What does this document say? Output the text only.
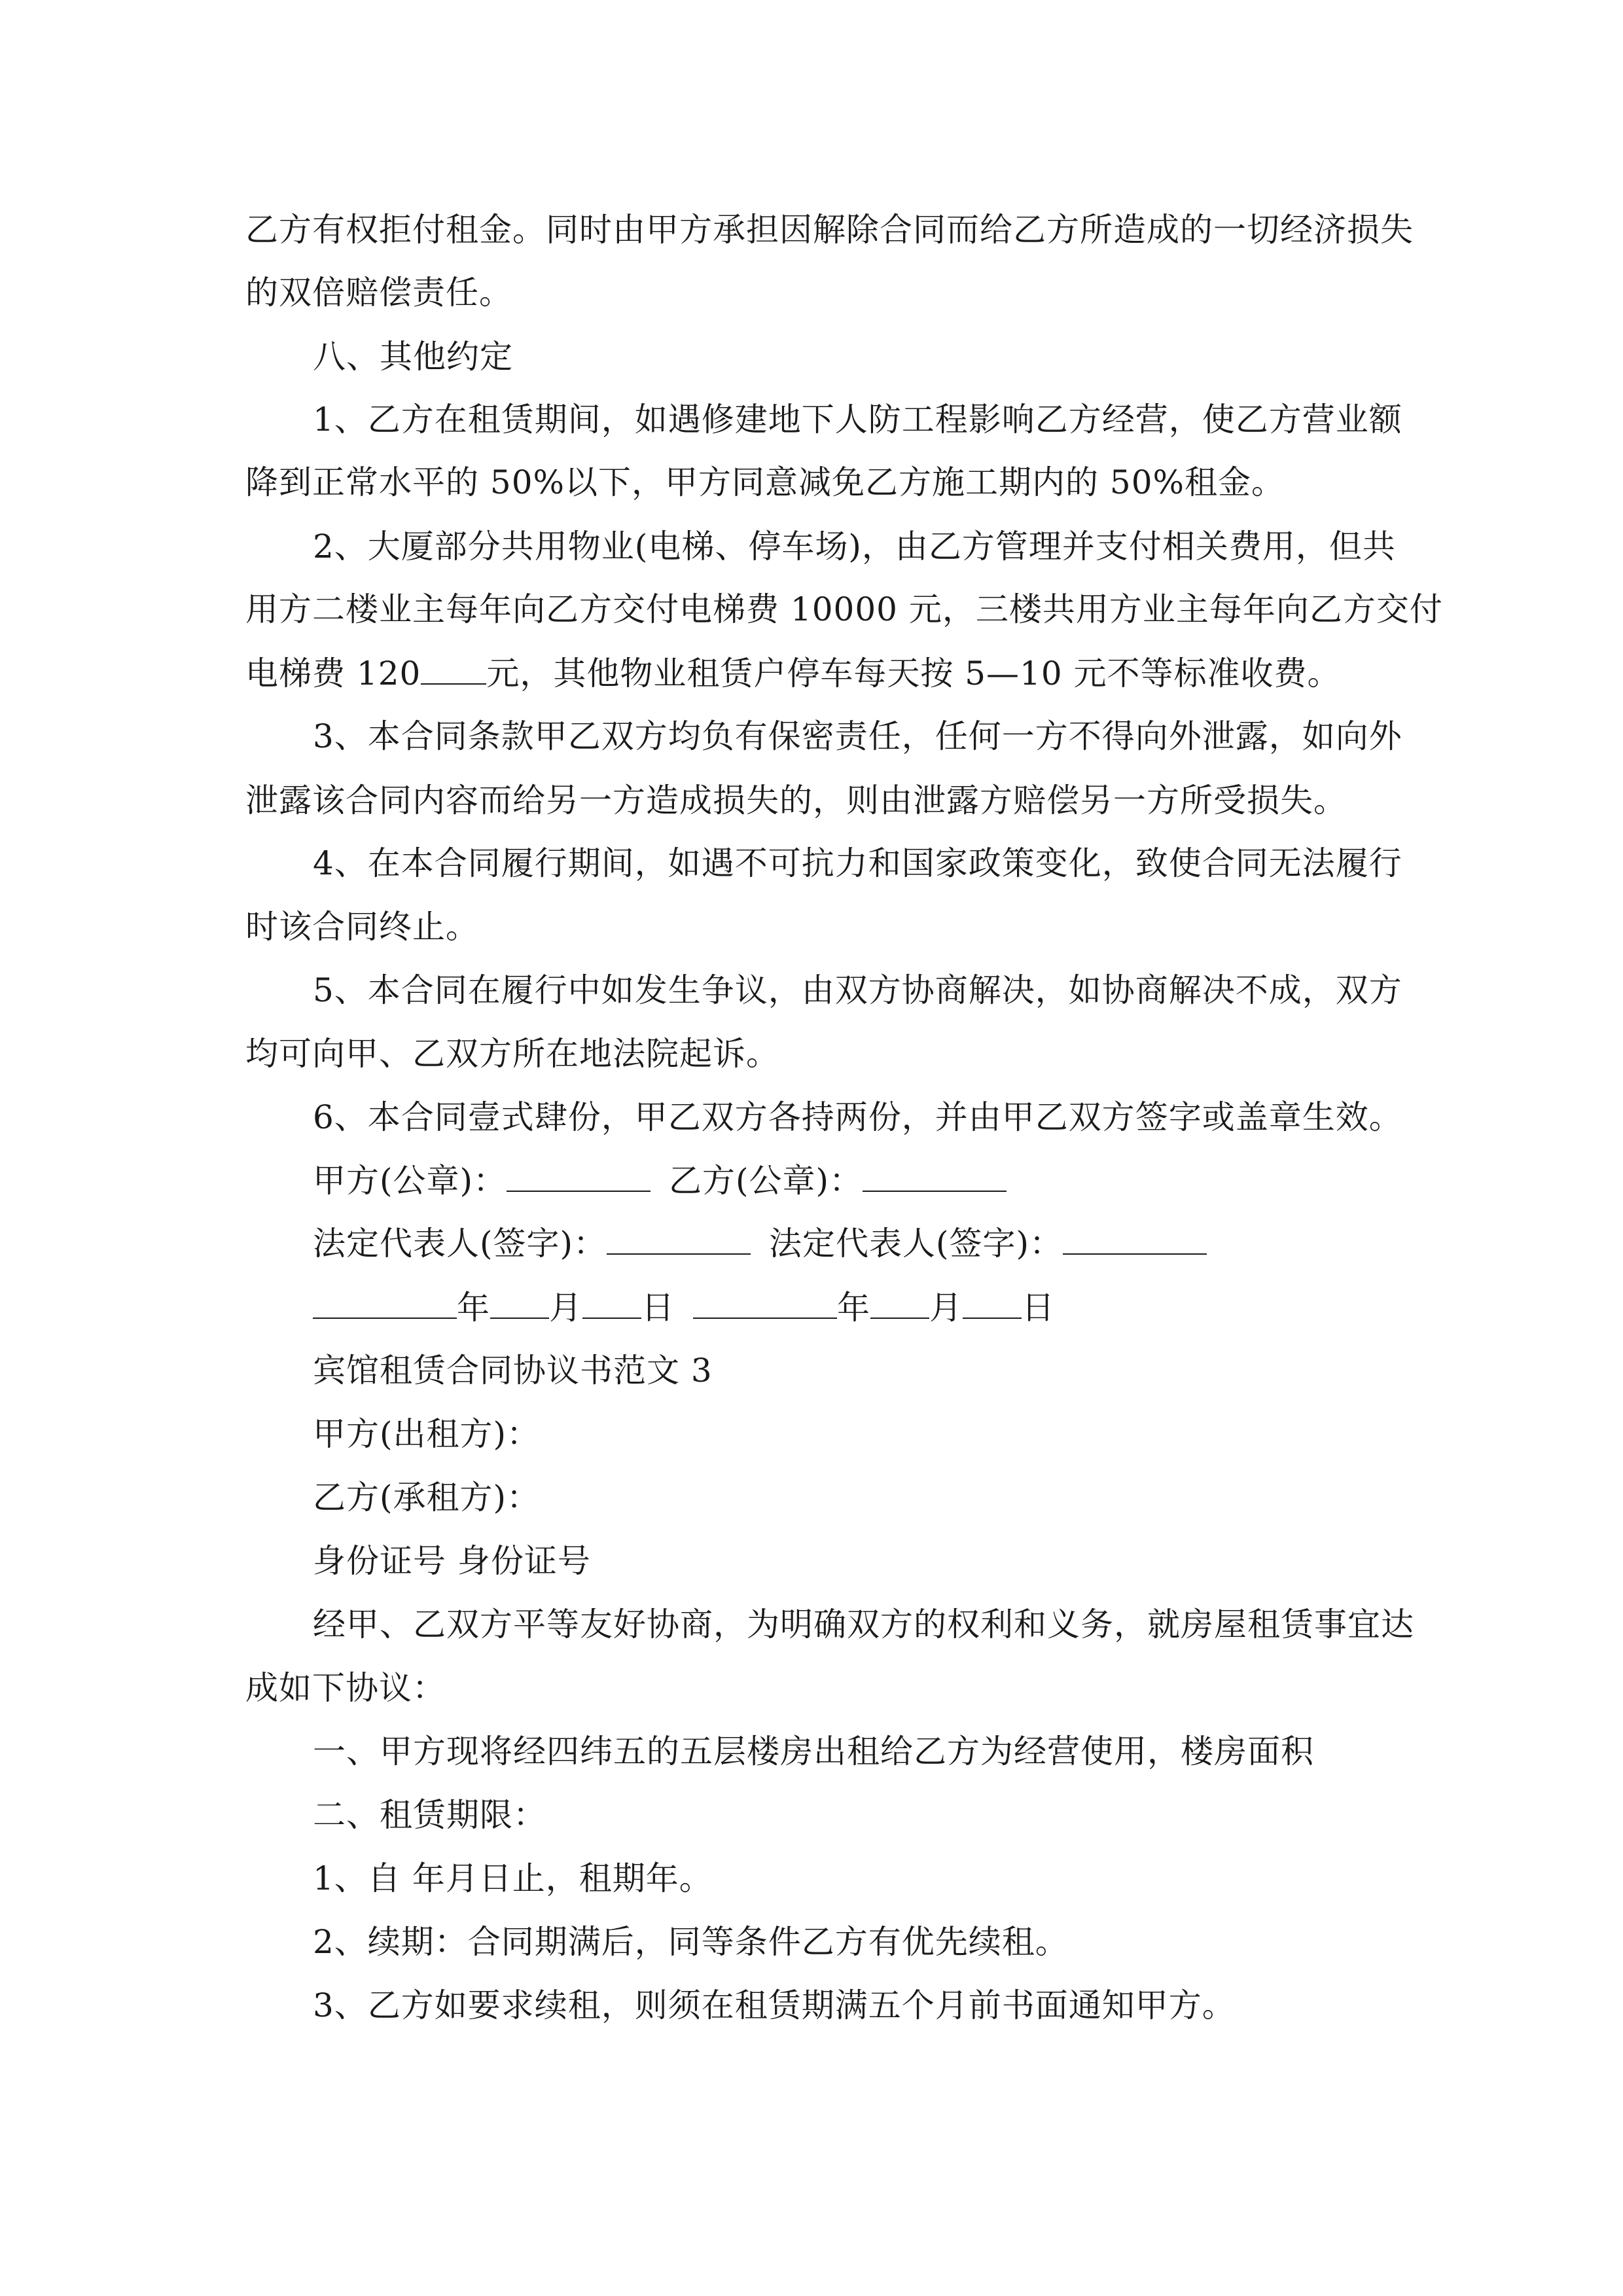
乙方有权拒付租金。同时由甲方承担因解除合同而给乙方所造成的一切经济损失
的双倍赔偿责任。
八、其他约定
1、乙方在租赁期间，如遇修建地下人防工程影响乙方经营，使乙方营业额
降到正常水平的 50%以下，甲方同意减免乙方施工期内的 50%租金。
2、大厦部分共用物业(电梯、停车场)，由乙方管理并支付相关费用，但共
用方二楼业主每年向乙方交付电梯费 10000 元，三楼共用方业主每年向乙方交付
电梯费 120 元，其他物业租赁户停车每天按 5—10 元不等标准收费。
3、本合同条款甲乙双方均负有保密责任，任何一方不得向外泄露，如向外
泄露该合同内容而给另一方造成损失的，则由泄露方赔偿另一方所受损失。
4、在本合同履行期间，如遇不可抗力和国家政策变化，致使合同无法履行
时该合同终止。
5、本合同在履行中如发生争议，由双方协商解决，如协商解决不成，双方
均可向甲、乙双方所在地法院起诉。
6、本合同壹式肆份，甲乙双方各持两份，并由甲乙双方签字或盖章生效。
甲方(公章)：	乙方(公章)：
法定代表人(签字)：	法定代表人(签字)：
年 月 日	年 月 日
宾馆租赁合同协议书范文 3
甲方(出租方)：
乙方(承租方)：
身份证号 身份证号
经甲、乙双方平等友好协商，为明确双方的权利和义务，就房屋租赁事宜达
成如下协议：
一、甲方现将经四纬五的五层楼房出租给乙方为经营使用，楼房面积
二、租赁期限：
1、自 年月日止，租期年。
2、续期：合同期满后，同等条件乙方有优先续租。
3、乙方如要求续租，则须在租赁期满五个月前书面通知甲方。
